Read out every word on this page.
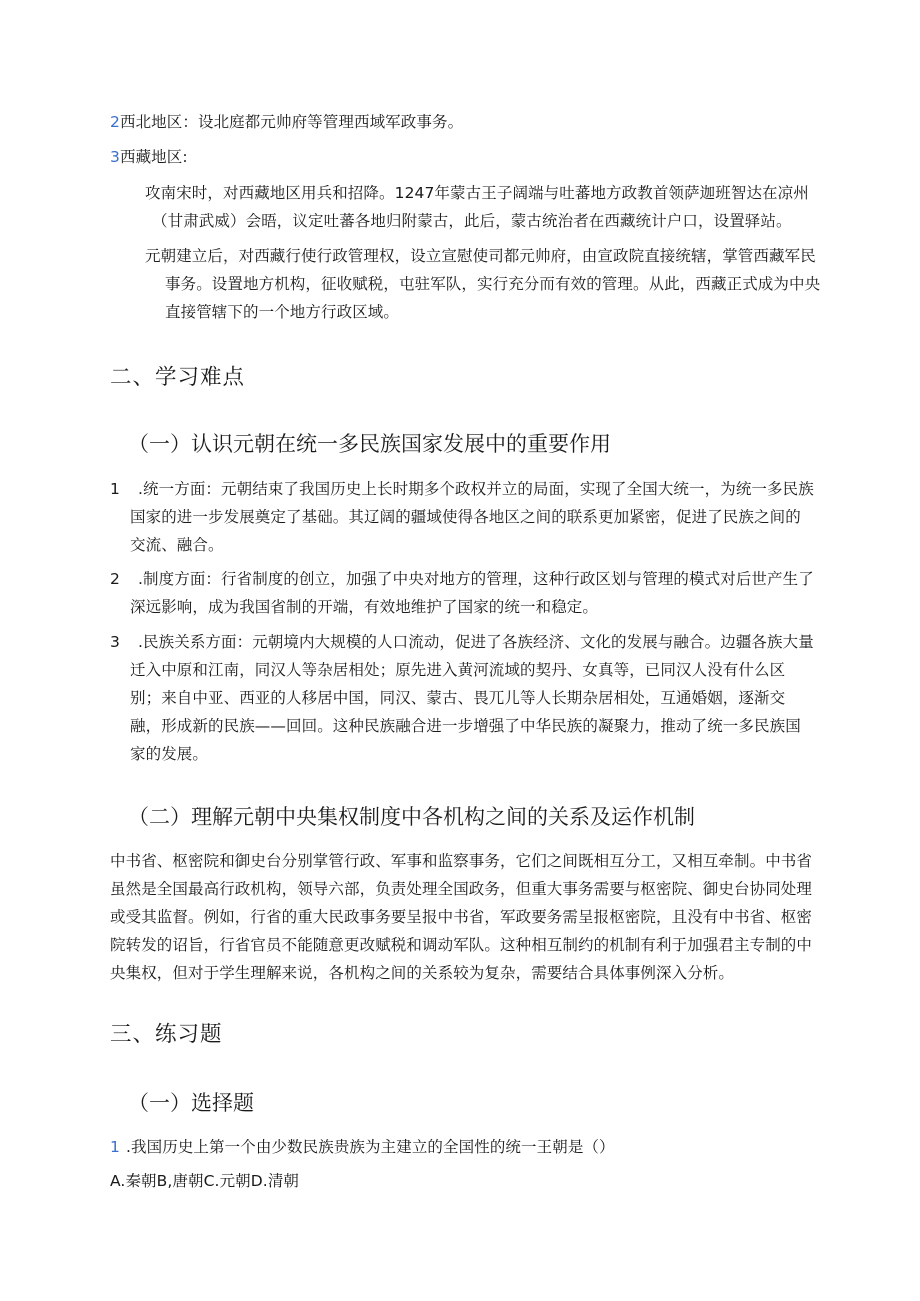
2西北地区：设北庭都元帅府等管理西域军政事务。
3西藏地区:
攻南宋时，对西藏地区用兵和招降。1247年蒙古王子阔端与吐蕃地方政教首领萨迦班智达在凉州
（甘肃武威）会晤，议定吐蕃各地归附蒙古，此后，蒙古统治者在西藏统计户口，设置驿站。
元朝建立后，对西藏行使行政管理权，设立宣慰使司都元帅府，由宣政院直接统辖，掌管西藏军民
事务。设置地方机构，征收赋税，屯驻军队，实行充分而有效的管理。从此，西藏正式成为中央
直接管辖下的一个地方行政区域。
二、学习难点
（一）认识元朝在统一多民族国家发展中的重要作用
1 .统一方面：元朝结束了我国历史上长时期多个政权并立的局面，实现了全国大统一，为统一多民族
国家的进一步发展奠定了基础。其辽阔的疆域使得各地区之间的联系更加紧密，促进了民族之间的
交流、融合。
2 .制度方面：行省制度的创立，加强了中央对地方的管理，这种行政区划与管理的模式对后世产生了
深远影响，成为我国省制的开端，有效地维护了国家的统一和稳定。
3 .民族关系方面：元朝境内大规模的人口流动，促进了各族经济、文化的发展与融合。边疆各族大量
迁入中原和江南，同汉人等杂居相处；原先进入黄河流域的契丹、女真等，已同汉人没有什么区
别；来自中亚、西亚的人移居中国，同汉、蒙古、畏兀儿等人长期杂居相处，互通婚姻，逐渐交
融，形成新的民族——回回。这种民族融合进一步增强了中华民族的凝聚力，推动了统一多民族国
家的发展。
（二）理解元朝中央集权制度中各机构之间的关系及运作机制
中书省、枢密院和御史台分别掌管行政、军事和监察事务，它们之间既相互分工，又相互牵制。中书省
虽然是全国最高行政机构，领导六部，负责处理全国政务，但重大事务需要与枢密院、御史台协同处理
或受其监督。例如，行省的重大民政事务要呈报中书省，军政要务需呈报枢密院，且没有中书省、枢密
院转发的诏旨，行省官员不能随意更改赋税和调动军队。这种相互制约的机制有利于加强君主专制的中
央集权，但对于学生理解来说，各机构之间的关系较为复杂，需要结合具体事例深入分析。
三、练习题
（一）选择题
1 .我国历史上第一个由少数民族贵族为主建立的全国性的统一王朝是（）
A.秦朝B,唐朝C.元朝D.清朝
